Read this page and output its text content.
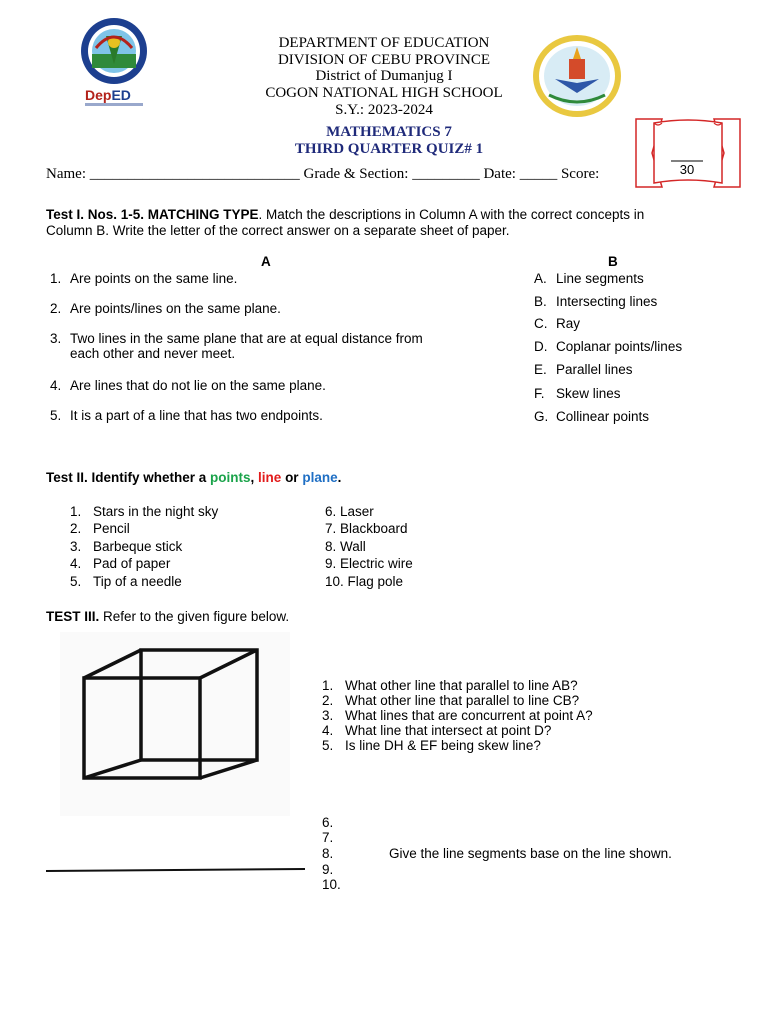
DepED
DEPARTMENT OF EDUCATION
DIVISION OF CEBU PROVINCE
District of Dumanjug I
COGON NATIONAL HIGH SCHOOL
S.Y.: 2023-2024
MATHEMATICS 7
THIRD QUARTER QUIZ# 1
30
Name: ____________________________ Grade & Section: _________ Date: _____ Score:
Test I. Nos. 1-5. MATCHING TYPE. Match the descriptions in Column A with the correct concepts in
Column B. Write the letter of the correct answer on a separate sheet of paper.
A	B
1. Are points on the same line.
2. Are points/lines on the same plane.
3. Two lines in the same plane that are at equal distance from
each other and never meet.
4. Are lines that do not lie on the same plane.
5. It is a part of a line that has two endpoints.
A. Line segments
B. Intersecting lines
C. Ray
D. Coplanar points/lines
E. Parallel lines
F. Skew lines
G. Collinear points
Test II. Identify whether a points, line or plane.
1. Stars in the night sky
2. Pencil
3. Barbeque stick
4. Pad of paper
5. Tip of a needle
6. Laser
7. Blackboard
8. Wall
9. Electric wire
10. Flag pole
TEST III. Refer to the given figure below.
1. What other line that parallel to line AB?
2. What other line that parallel to line CB?
3. What lines that are concurrent at point A?
4. What line that intersect at point D?
5. Is line DH & EF being skew line?
6.
7.
8.
9.
10.
Give the line segments base on the line shown.
